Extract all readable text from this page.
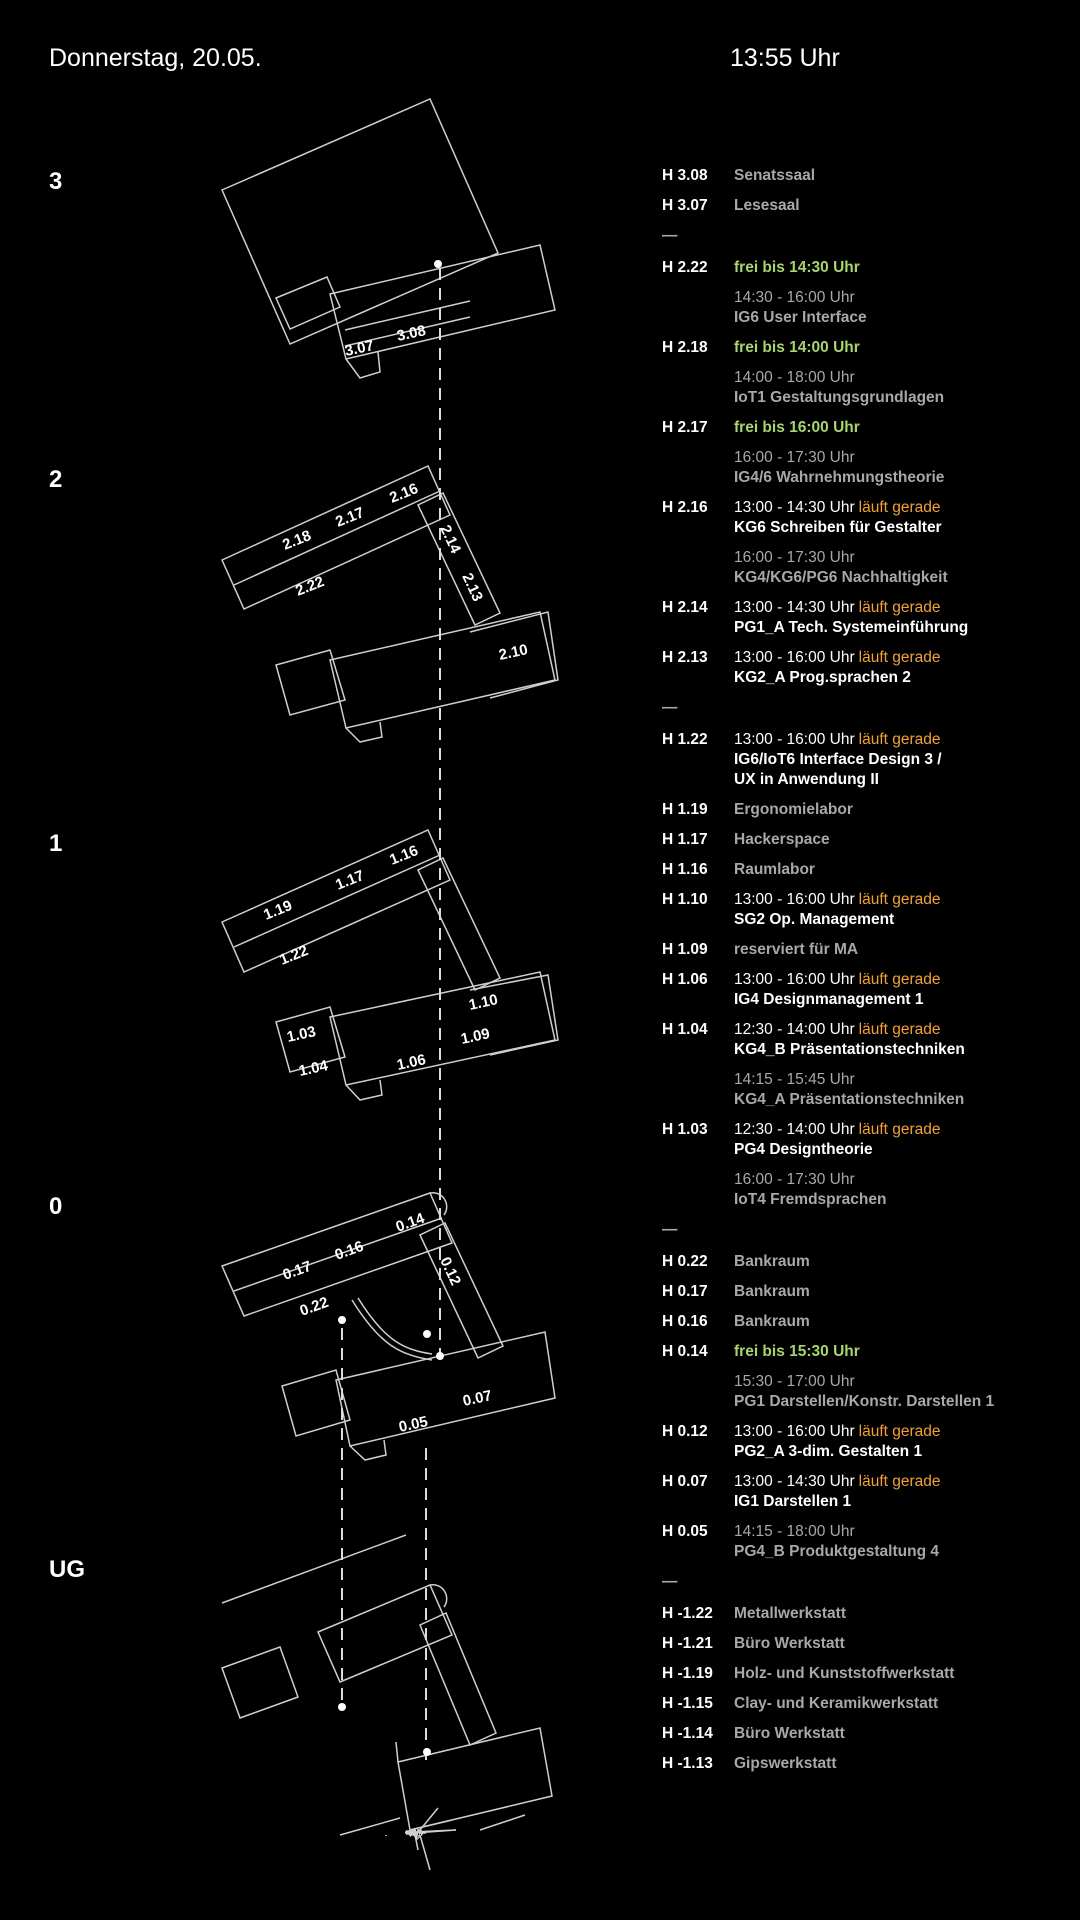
Donnerstag, 20.05.	13:55 Uhr
3
2
1
0
UG
3.07
3.08
2.18
2.17
2.16
2.22
2.14
2.13
2.10
1.19
1.17
1.16
1.22
1.10
1.03	1.09
1.04	1.06
0.17
0.16
0.14
0.22
0.12
0.07
0.05
H 3.08	Senatssaal
H 3.07	Lesesaal
—
H 2.22	frei bis 14:30 Uhr
14:30 - 16:00 Uhr
IG6 User Interface
H 2.18	frei bis 14:00 Uhr
14:00 - 18:00 Uhr
IoT1 Gestaltungsgrundlagen
H 2.17	frei bis 16:00 Uhr
16:00 - 17:30 Uhr
IG4/6 Wahrnehmungstheorie
H 2.16	13:00 - 14:30 Uhr läuft gerade
KG6 Schreiben für Gestalter
16:00 - 17:30 Uhr
KG4/KG6/PG6 Nachhaltigkeit
H 2.14	13:00 - 14:30 Uhr läuft gerade
PG1_A Tech. Systemeinführung
H 2.13	13:00 - 16:00 Uhr läuft gerade
KG2_A Prog.sprachen 2
—
H 1.22	13:00 - 16:00 Uhr läuft gerade
IG6/IoT6 Interface Design 3 /
UX in Anwendung II
H 1.19	Ergonomielabor
H 1.17	Hackerspace
H 1.16	Raumlabor
H 1.10	13:00 - 16:00 Uhr läuft gerade
SG2 Op. Management
H 1.09	reserviert für MA
H 1.06	13:00 - 16:00 Uhr läuft gerade
IG4 Designmanagement 1
H 1.04	12:30 - 14:00 Uhr läuft gerade
KG4_B Präsentationstechniken
14:15 - 15:45 Uhr
KG4_A Präsentationstechniken
H 1.03	12:30 - 14:00 Uhr läuft gerade
PG4 Designtheorie
16:00 - 17:30 Uhr
IoT4 Fremdsprachen
—
H 0.22	Bankraum
H 0.17	Bankraum
H 0.16	Bankraum
H 0.14	frei bis 15:30 Uhr
15:30 - 17:00 Uhr
PG1 Darstellen/Konstr. Darstellen 1
H 0.12	13:00 - 16:00 Uhr läuft gerade
PG2_A 3-dim. Gestalten 1
H 0.07	13:00 - 14:30 Uhr läuft gerade
IG1 Darstellen 1
H 0.05	14:15 - 18:00 Uhr
PG4_B Produktgestaltung 4
—
H -1.22	Metallwerkstatt
H -1.21	Büro Werkstatt
H -1.19	Holz- und Kunststoffwerkstatt
H -1.15	Clay- und Keramikwerkstatt
H -1.14	Büro Werkstatt
H -1.13	Gipswerkstatt
